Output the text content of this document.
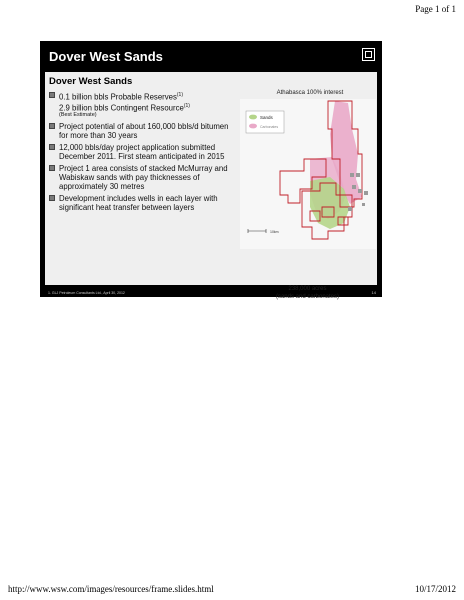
Page 1 of 1
Dover West Sands
Dover West Sands
0.1 billion bbls Probable Reserves$^{(1)}$
2.9 billion bbls Contingent Resource$^{(1)}$
(Best Estimate)
Project potential of about 160,000 bbls/d bitumen for more than 30 years
12,000 bbls/day project application submitted December 2011. First steam anticipated in 2015
Project 1 area consists of stacked McMurray and Wabiskaw sands with pay thicknesses of approximately 30 metres
Development includes wells in each layer with significant heat transfer between layers
Athabasca 100% interest
Sands
Carbonates
10km
238,000 acres
(sands and carbonates)
1. GLJ Petroleum Consultants Ltd., April 30, 2012	14
http://www.wsw.com/images/resources/frame.slides.html	10/17/2012
